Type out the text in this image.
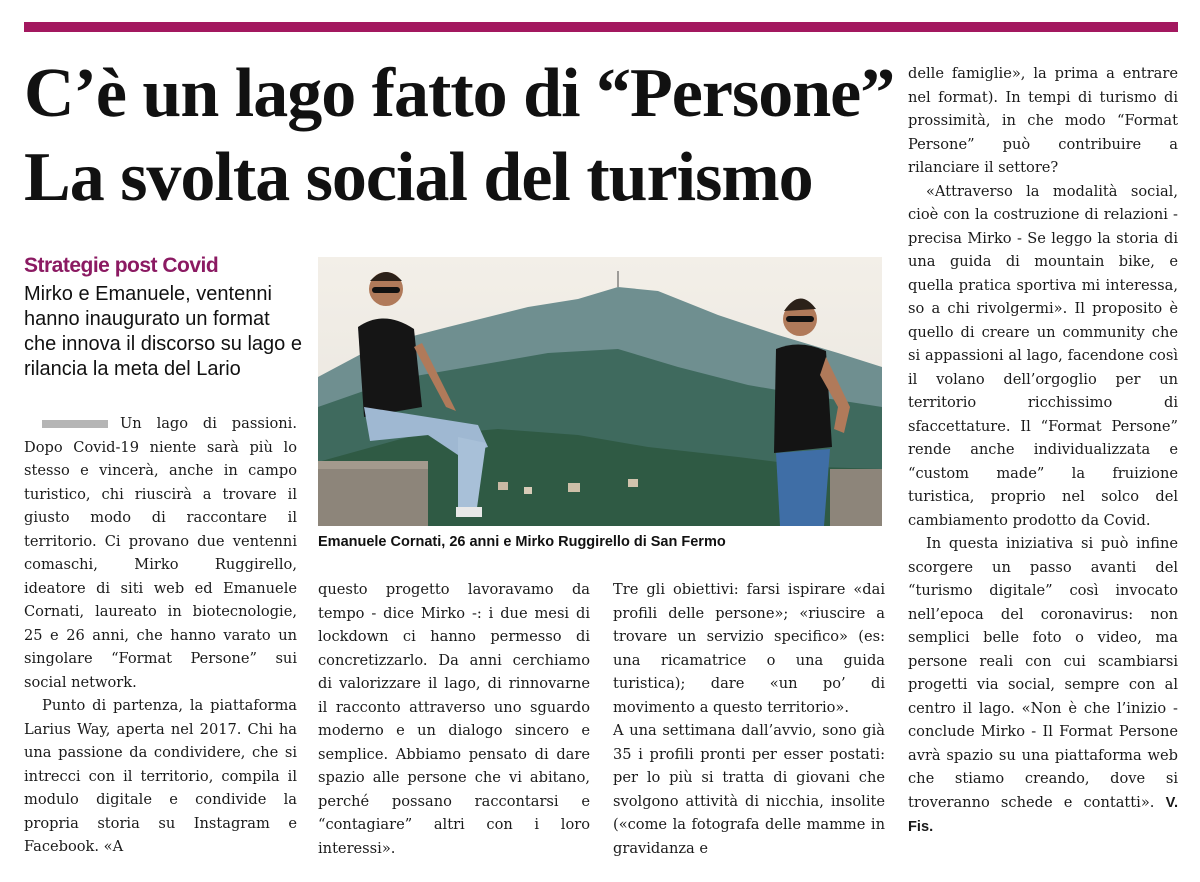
C’è un lago fatto di “Persone”
La svolta social del turismo
Strategie post Covid
Mirko e Emanuele, ventenni hanno inaugurato un format che innova il discorso su lago e rilancia la meta del Lario
Emanuele Cornati, 26 anni e Mirko Ruggirello di San Fermo

Un lago di passioni. Dopo Covid-19 niente sarà più lo stesso e vincerà, anche in campo turistico, chi riuscirà a trovare il giusto modo di raccontare il territorio. Ci provano due ventenni comaschi, Mirko Ruggirello, ideatore di siti web ed Emanuele Cornati, laureato in biotecnologie, 25 e 26 anni, che hanno varato un singolare “Format Persone” sui social network.

Punto di partenza, la piattaforma Larius Way, aperta nel 2017. Chi ha una passione da condividere, che si intrecci con il territorio, compila il modulo digitale e condivide la propria storia su Instagram e Facebook. «A

questo progetto lavoravamo da tempo - dice Mirko -: i due mesi di lockdown ci hanno permesso di concretizzarlo. Da anni cerchiamo di valorizzare il lago, di rinnovarne il racconto attraverso uno sguardo moderno e un dialogo sincero e semplice. Abbiamo pensato di dare spazio alle persone che vi abitano, perché possano raccontarsi e “contagiare” altri con i loro interessi».

Tre gli obiettivi: farsi ispirare «dai profili delle persone»; «riuscire a trovare un servizio specifico» (es: una ricamatrice o una guida turistica); dare «un po’ di movimento a questo territorio».

A una settimana dall’avvio, sono già 35 i profili pronti per esser postati: per lo più si tratta di giovani che svolgono attività di nicchia, insolite («come la fotografa delle mamme in gravidanza e

delle famiglie», la prima a entrare nel format). In tempi di turismo di prossimità, in che modo “Format Persone” può contribuire a rilanciare il settore?

«Attraverso la modalità social, cioè con la costruzione di relazioni - precisa Mirko - Se leggo la storia di una guida di mountain bike, e quella pratica sportiva mi interessa, so a chi rivolgermi». Il proposito è quello di creare un community che si appassioni al lago, facendone così il volano dell’orgoglio per un territorio ricchissimo di sfaccettature. Il “Format Persone” rende anche individualizzata e “custom made” la fruizione turistica, proprio nel solco del cambiamento prodotto da Covid.

In questa iniziativa si può infine scorgere un passo avanti del “turismo digitale” così invocato nell’epoca del coronavirus: non semplici belle foto o video, ma persone reali con cui scambiarsi progetti via social, sempre con al centro il lago. «Non è che l’inizio - conclude Mirko - Il Format Persone avrà spazio su una piattaforma web che stiamo creando, dove si troveranno schede e contatti». V. Fis.
